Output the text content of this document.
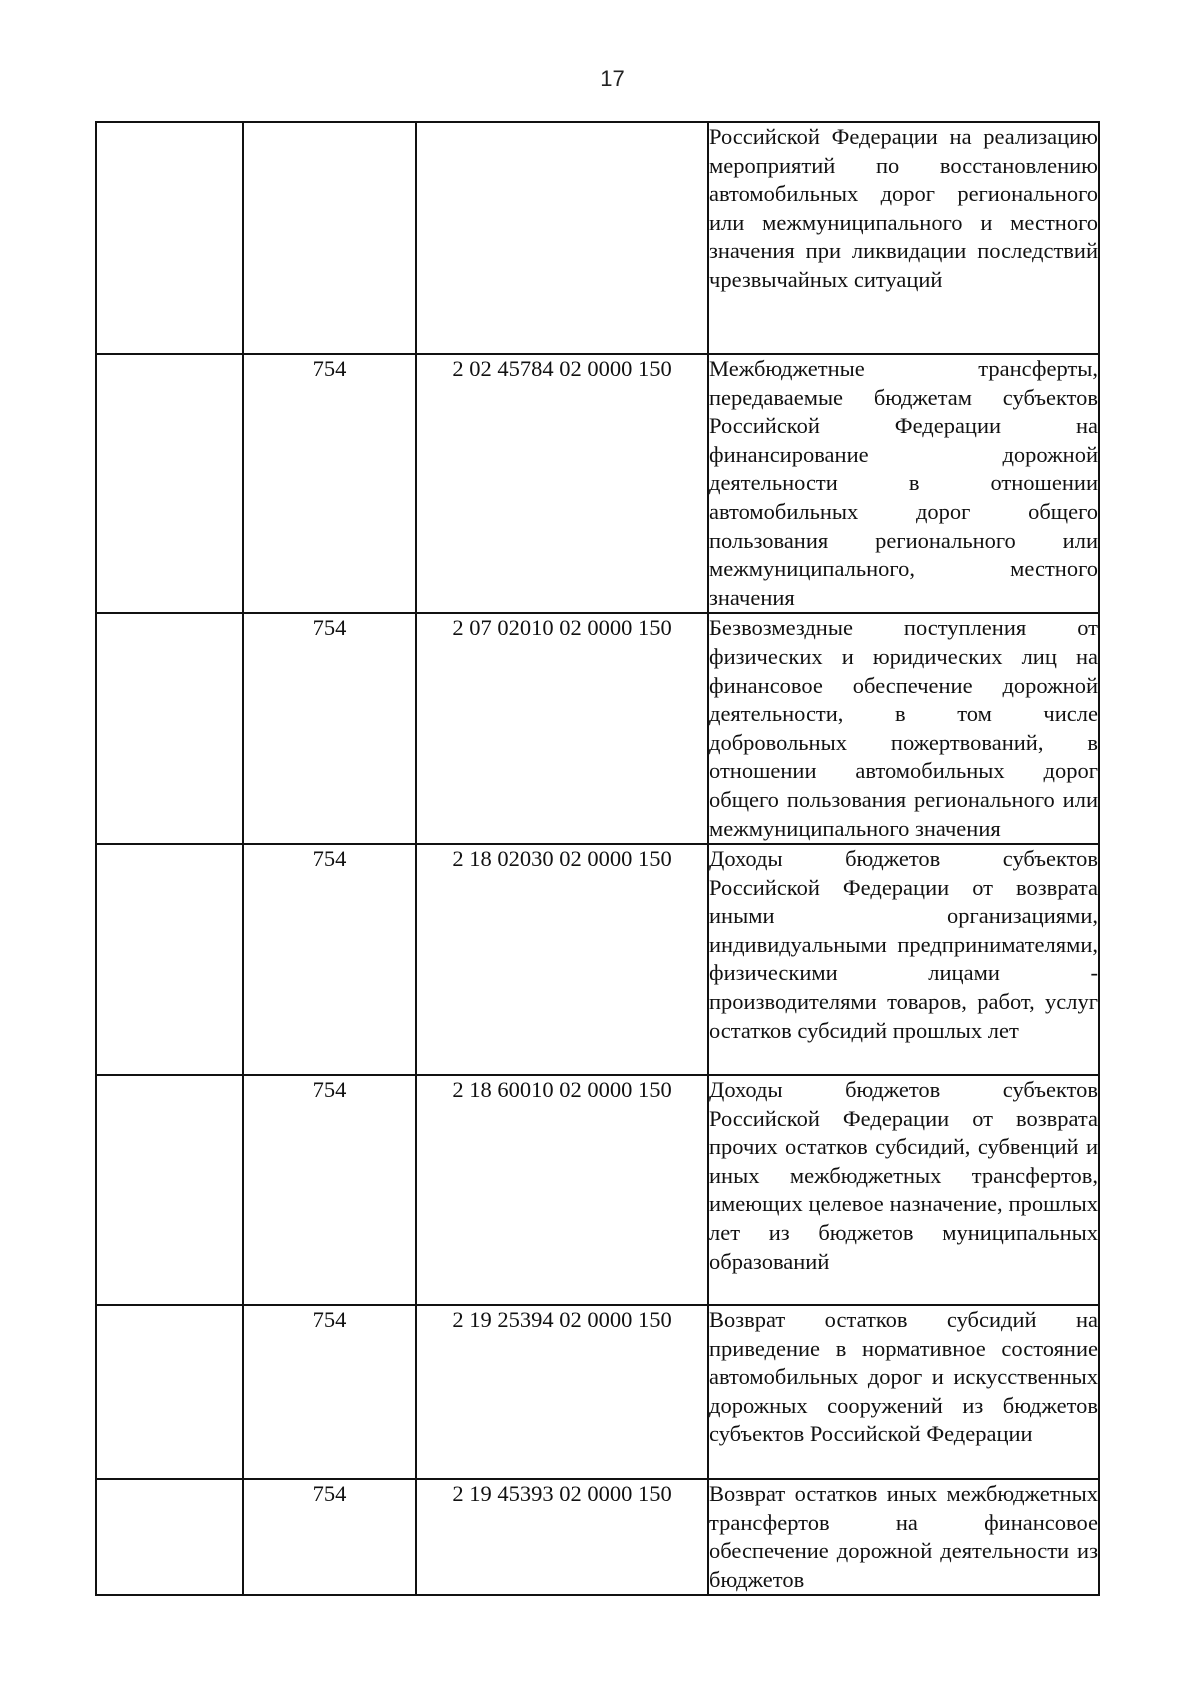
17
			Российской Федерации на реализацию мероприятий по восстановлению автомобильных дорог регионального или межмуниципального и местного значения при ликвидации последствий чрезвычайных ситуаций
	754	2 02 45784 02 0000 150	Межбюджетные трансферты, передаваемые бюджетам субъектов Российской Федерации на финансирование дорожной деятельности в отношении автомобильных дорог общего пользования регионального или межмуниципального, местного значения
	754	2 07 02010 02 0000 150	Безвозмездные поступления от физических и юридических лиц на финансовое обеспечение дорожной деятельности, в том числе добровольных пожертвований, в отношении автомобильных дорог общего пользования регионального или межмуниципального значения
	754	2 18 02030 02 0000 150	Доходы бюджетов субъектов Российской Федерации от возврата иными организациями, индивидуальными предпринимателями, физическими лицами - производителями товаров, работ, услуг остатков субсидий прошлых лет
	754	2 18 60010 02 0000 150	Доходы бюджетов субъектов Российской Федерации от возврата прочих остатков субсидий, субвенций и иных межбюджетных трансфертов, имеющих целевое назначение, прошлых лет из бюджетов муниципальных образований
	754	2 19 25394 02 0000 150	Возврат остатков субсидий на приведение в нормативное состояние автомобильных дорог и искусственных дорожных сооружений из бюджетов субъектов Российской Федерации
	754	2 19 45393 02 0000 150	Возврат остатков иных межбюджетных трансфертов на финансовое обеспечение дорожной деятельности из бюджетов
